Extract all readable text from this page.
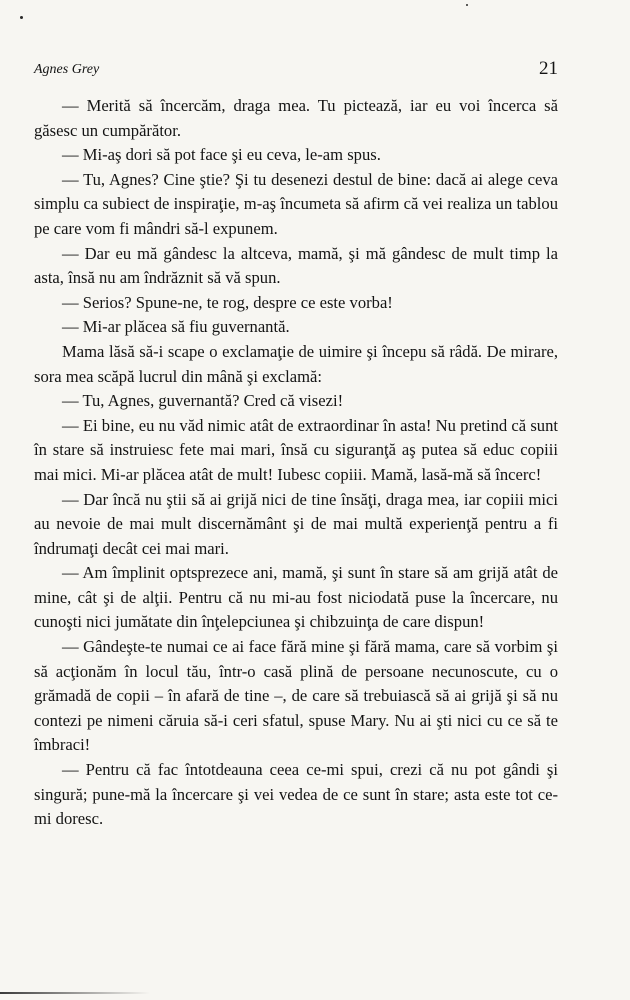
Agnes Grey	21

— Merită să încercăm, draga mea. Tu pictează, iar eu voi încerca să găsesc un cumpărător.

— Mi-aş dori să pot face şi eu ceva, le-am spus.

— Tu, Agnes? Cine ştie? Şi tu desenezi destul de bine: dacă ai alege ceva simplu ca subiect de inspiraţie, m-aş încumeta să afirm că vei realiza un tablou pe care vom fi mândri să-l expunem.

— Dar eu mă gândesc la altceva, mamă, şi mă gândesc de mult timp la asta, însă nu am îndrăznit să vă spun.

— Serios? Spune-ne, te rog, despre ce este vorba!

— Mi-ar plăcea să fiu guvernantă.

Mama lăsă să-i scape o exclamaţie de uimire şi începu să râdă. De mirare, sora mea scăpă lucrul din mână şi exclamă:

— Tu, Agnes, guvernantă? Cred că visezi!

— Ei bine, eu nu văd nimic atât de extraordinar în asta! Nu pretind că sunt în stare să instruiesc fete mai mari, însă cu siguranţă aş putea să educ copiii mai mici. Mi-ar plăcea atât de mult! Iubesc copiii. Mamă, lasă-mă să încerc!

— Dar încă nu ştii să ai grijă nici de tine însăţi, draga mea, iar copiii mici au nevoie de mai mult discernământ şi de mai multă experienţă pentru a fi îndrumaţi decât cei mai mari.

— Am împlinit optsprezece ani, mamă, şi sunt în stare să am grijă atât de mine, cât şi de alţii. Pentru că nu mi-au fost niciodată puse la încercare, nu cunoşti nici jumătate din înţelepciunea şi chibzuinţa de care dispun!

— Gândeşte-te numai ce ai face fără mine şi fără mama, care să vorbim şi să acţionăm în locul tău, într-o casă plină de persoane necunoscute, cu o grămadă de copii – în afară de tine –, de care să trebuiască să ai grijă şi să nu contezi pe nimeni căruia să-i ceri sfatul, spuse Mary. Nu ai şti nici cu ce să te îmbraci!

— Pentru că fac întotdeauna ceea ce-mi spui, crezi că nu pot gândi şi singură; pune-mă la încercare şi vei vedea de ce sunt în stare; asta este tot ce-mi doresc.
